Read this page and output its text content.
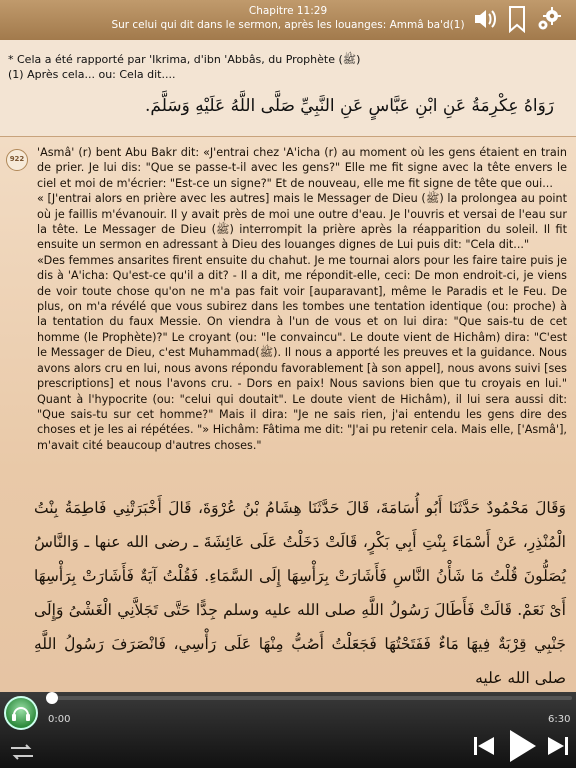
Chapitre 11:29
Sur celui qui dit dans le sermon, après les louanges: Ammâ ba'd(1)
* Cela a été rapporté par 'Ikrima, d'ibn 'Abbâs, du Prophète (ﷺ)
(1) Après cela... ou: Cela dit....
رَوَاهُ عِكْرِمَةُ عَنِ ابْنِ عَبَّاسٍ عَنِ النَّبِيِّ صَلَّى اللَّهُ عَلَيْهِ وَسَلَّمَ.
922	'Asmâ' (r) bent Abu Bakr dit: «J'entrai chez 'A'icha (r) au moment où les gens étaient en train de prier. Je lui dis: "Que se passe-t-il avec les gens?" Elle me fit signe avec la tête envers le ciel et moi de m'écrier: "Est-ce un signe?" Et de nouveau, elle me fit signe de tête que oui...

« [J'entrai alors en prière avec les autres] mais le Messager de Dieu (ﷺ) la prolongea au point où je faillis m'évanouir. Il y avait près de moi une outre d'eau. Je l'ouvris et versai de l'eau sur la tête. Le Messager de Dieu (ﷺ) interrompit la prière après la réapparition du soleil. Il fit ensuite un sermon en adressant à Dieu des louanges dignes de Lui puis dit: "Cela dit..."

«Des femmes ansarites firent ensuite du chahut. Je me tournai alors pour les faire taire puis je dis à 'A'icha: Qu'est-ce qu'il a dit? - Il a dit, me répondit-elle, ceci: De mon endroit-ci, je viens de voir toute chose qu'on ne m'a pas fait voir [auparavant], même le Paradis et le Feu. De plus, on m'a révélé que vous subirez dans les tombes une tentation identique (ou: proche) à la tentation du faux Messie. On viendra à l'un de vous et on lui dira: "Que sais-tu de cet homme (le Prophète)?" Le croyant (ou: "le convaincu". Le doute vient de Hichâm) dira: "C'est le Messager de Dieu, c'est Muhammad(ﷺ). Il nous a apporté les preuves et la guidance. Nous avons alors cru en lui, nous avons répondu favorablement [à son appel], nous avons suivi [ses prescriptions] et nous l'avons cru. - Dors en paix! Nous savions bien que tu croyais en lui." Quant à l'hypocrite (ou: "celui qui doutait". Le doute vient de Hichâm), il lui sera aussi dit: "Que sais-tu sur cet homme?" Mais il dira: "Je ne sais rien, j'ai entendu les gens dire des choses et je les ai répétées. "» Hichâm: Fâtima me dit: "J'ai pu retenir cela. Mais elle, ['Asmâ'], m'avait cité beaucoup d'autres choses."

وَقَالَ مَحْمُودٌ حَدَّثَنَا أَبُو أُسَامَةَ، قَالَ حَدَّثَنَا هِشَامُ بْنُ عُرْوَةَ، قَالَ أَخْبَرَتْنِي فَاطِمَةُ بِنْتُ الْمُنْذِرِ، عَنْ أَسْمَاءَ بِنْتِ أَبِي بَكْرٍ، قَالَتْ دَخَلْتُ عَلَى عَائِشَةَ ـ رضى الله عنها ـ وَالنَّاسُ يُصَلُّونَ قُلْتُ مَا شَأْنُ النَّاسِ فَأَشَارَتْ بِرَأْسِهَا إِلَى السَّمَاءِ. فَقُلْتُ آيَةٌ فَأَشَارَتْ بِرَأْسِهَا أَىْ نَعَمْ. قَالَتْ فَأَطَالَ رَسُولُ اللَّهِ صلى الله عليه وسلم جِدًّا حَتَّى تَجَلاَّنِي الْغَشْىُ وَإِلَى جَنْبِي قِرْبَةٌ فِيهَا مَاءٌ فَفَتَحْتُهَا فَجَعَلْتُ أَصُبُّ مِنْهَا عَلَى رَأْسِي، فَانْصَرَفَ رَسُولُ اللَّهِ صلى الله عليه
0:00	6:30
